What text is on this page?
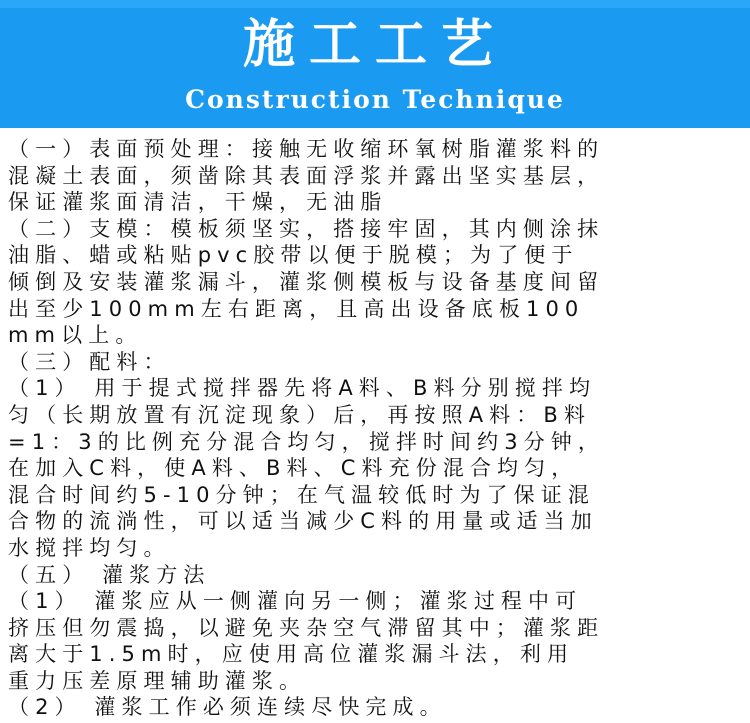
施工工艺
Construction Technique
（一）表面预处理：接触无收缩环氧树脂灌浆料的
混凝土表面，须凿除其表面浮浆并露出坚实基层，
保证灌浆面清洁，干燥，无油脂
（二）支模：模板须坚实，搭接牢固，其内侧涂抹
油脂、蜡或粘贴pvc胶带以便于脱模；为了便于
倾倒及安装灌浆漏斗，灌浆侧模板与设备基度间留
出至少100mm左右距离，且高出设备底板100
mm以上。
（三）配料：
（1） 用于提式搅拌器先将A料、B料分别搅拌均
匀（长期放置有沉淀现象）后，再按照A料：B料
=1：3的比例充分混合均匀，搅拌时间约3分钟，
在加入C料，使A料、B料、C料充份混合均匀，
混合时间约5-10分钟；在气温较低时为了保证混
合物的流淌性，可以适当减少C料的用量或适当加
水搅拌均匀。
（五） 灌浆方法
（1） 灌浆应从一侧灌向另一侧；灌浆过程中可
挤压但勿震捣，以避免夹杂空气滞留其中；灌浆距
离大于1.5m时，应使用高位灌浆漏斗法，利用
重力压差原理辅助灌浆。
（2） 灌浆工作必须连续尽快完成。
